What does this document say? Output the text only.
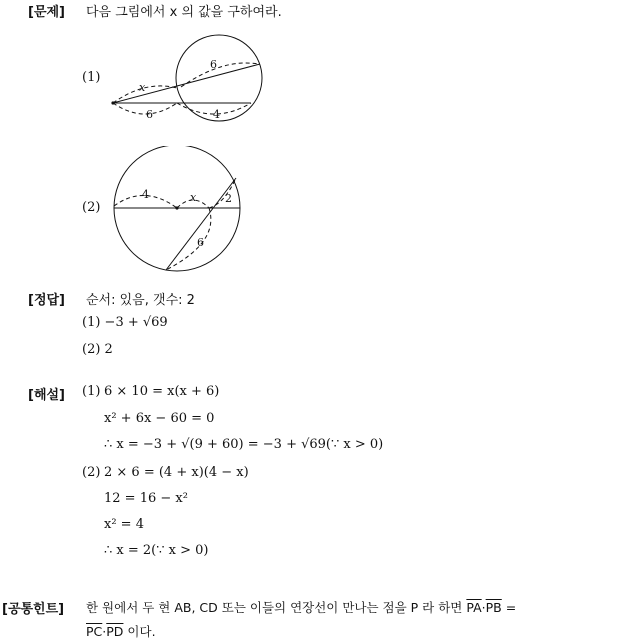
[문제] 다음 그림에서 x 의 값을 구하여라.
(1)
x
6
6	4
(2)
4	x	2
6
[정답] 순서: 있음, 갯수: 2
(1) −3 + √69
(2) 2
[해설] (1) 6 × 10 = x(x + 6)
x² + 6x − 60 = 0
∴ x = −3 + √(9 + 60) = −3 + √69(∵ x > 0)
(2) 2 × 6 = (4 + x)(4 − x)
12 = 16 − x²
x² = 4
∴ x = 2(∵ x > 0)
[공통힌트] 한 원에서 두 현 AB, CD 또는 이들의 연장선이 만나는 점을 P 라 하면 $\overline{PA}\cdot\overline{PB}$ =
$\overline{PC}\cdot\overline{PD}$ 이다.
